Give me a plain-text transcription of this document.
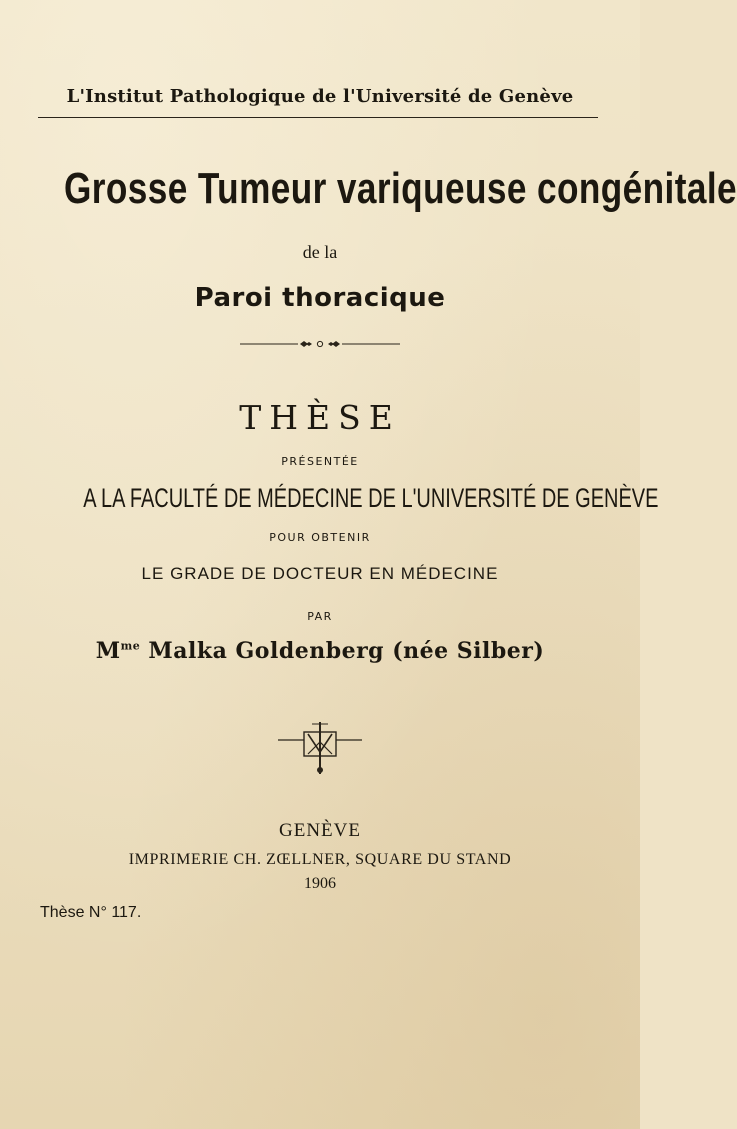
L'Institut Pathologique de l'Université de Genève
Grosse Tumeur variqueuse congénitale
de la
Paroi thoracique
THÈSE
PRÉSENTÉE
A LA FACULTÉ DE MÉDECINE DE L'UNIVERSITÉ DE GENÈVE
POUR OBTENIR
LE GRADE DE DOCTEUR EN MÉDECINE
PAR
$M^{me}$ Malka Goldenberg (née Silber)
GENÈVE
IMPRIMERIE CH. ZŒLLNER, SQUARE DU STAND
1906
Thèse N° 117.
